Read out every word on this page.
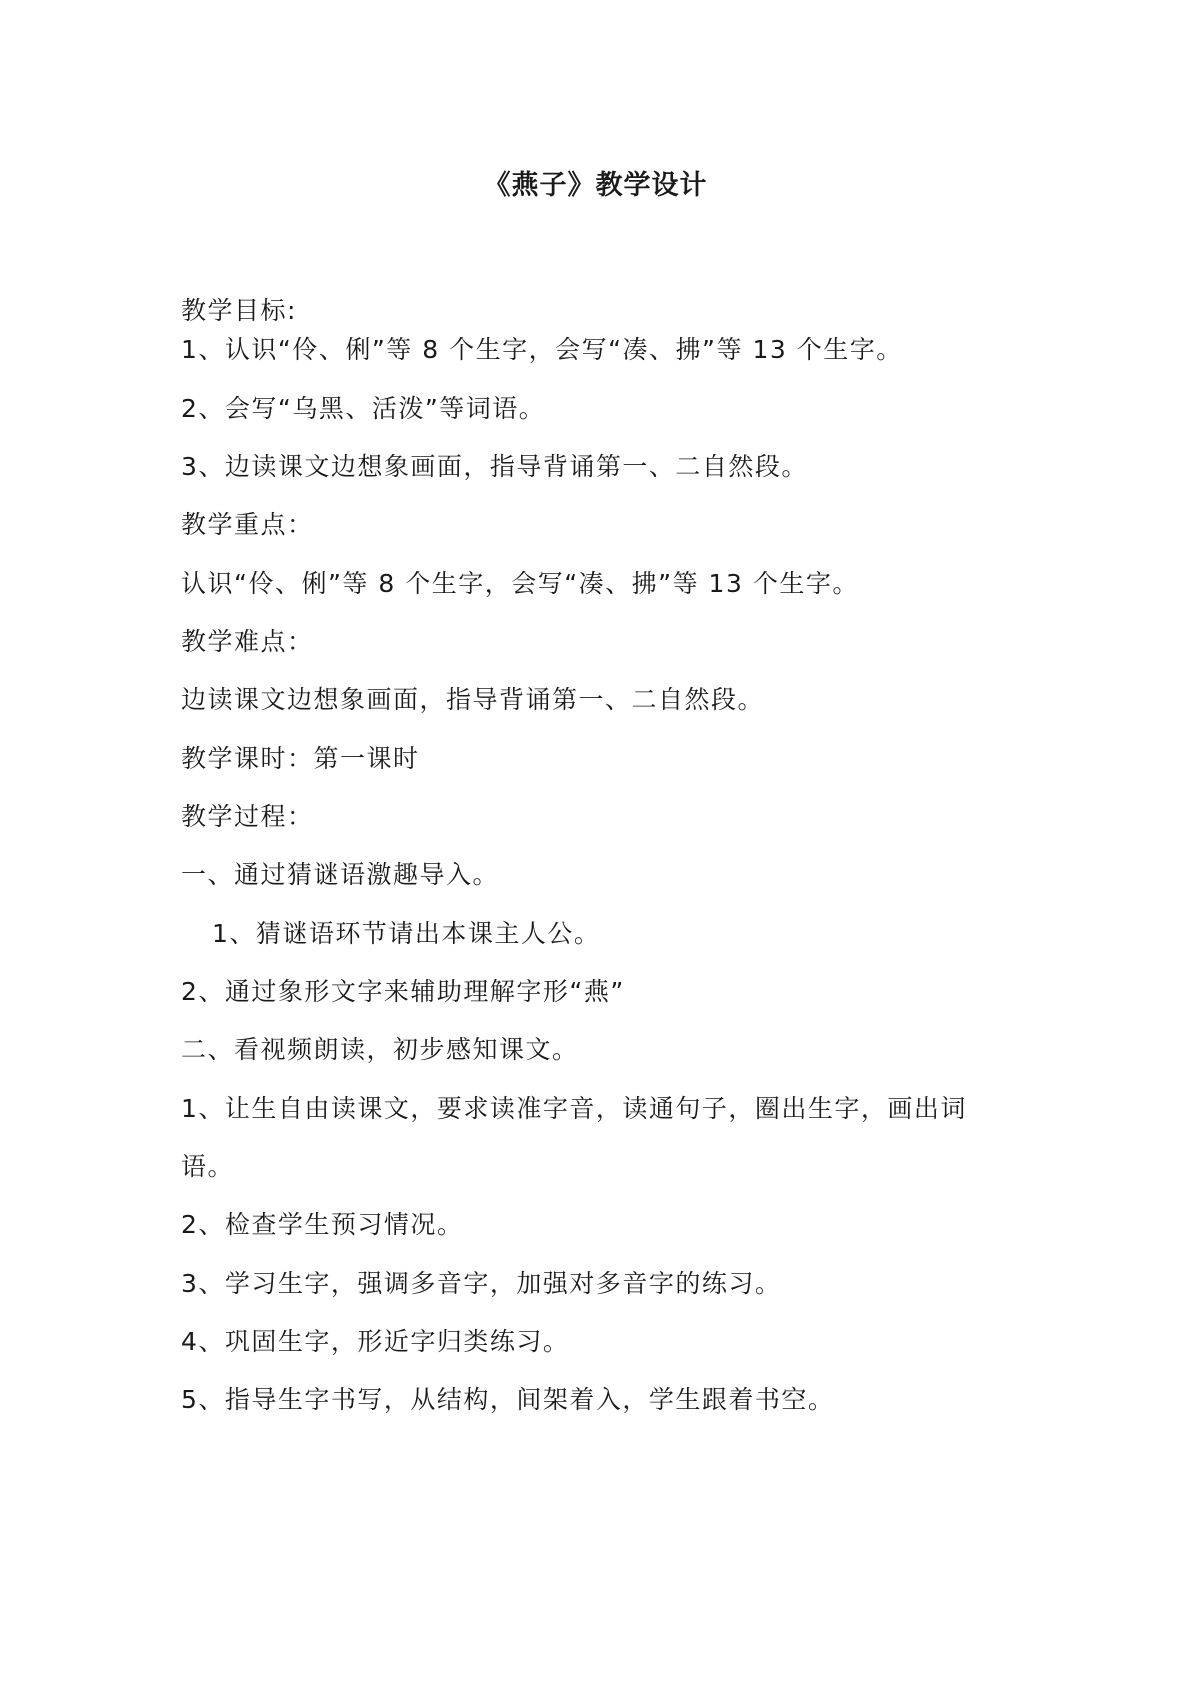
《燕子》教学设计
教学目标:
1、认识“伶、俐”等 8 个生字，会写“凑、拂”等 13 个生字。
2、会写“乌黑、活泼”等词语。
3、边读课文边想象画面，指导背诵第一、二自然段。
教学重点：
认识“伶、俐”等 8 个生字，会写“凑、拂”等 13 个生字。
教学难点：
边读课文边想象画面，指导背诵第一、二自然段。
教学课时：第一课时
教学过程：
一、通过猜谜语激趣导入。
1、猜谜语环节请出本课主人公。
2、通过象形文字来辅助理解字形“燕”
二、看视频朗读，初步感知课文。
1、让生自由读课文，要求读准字音，读通句子，圈出生字，画出词
语。
2、检查学生预习情况。
3、学习生字，强调多音字，加强对多音字的练习。
4、巩固生字，形近字归类练习。
5、指导生字书写，从结构，间架着入，学生跟着书空。
